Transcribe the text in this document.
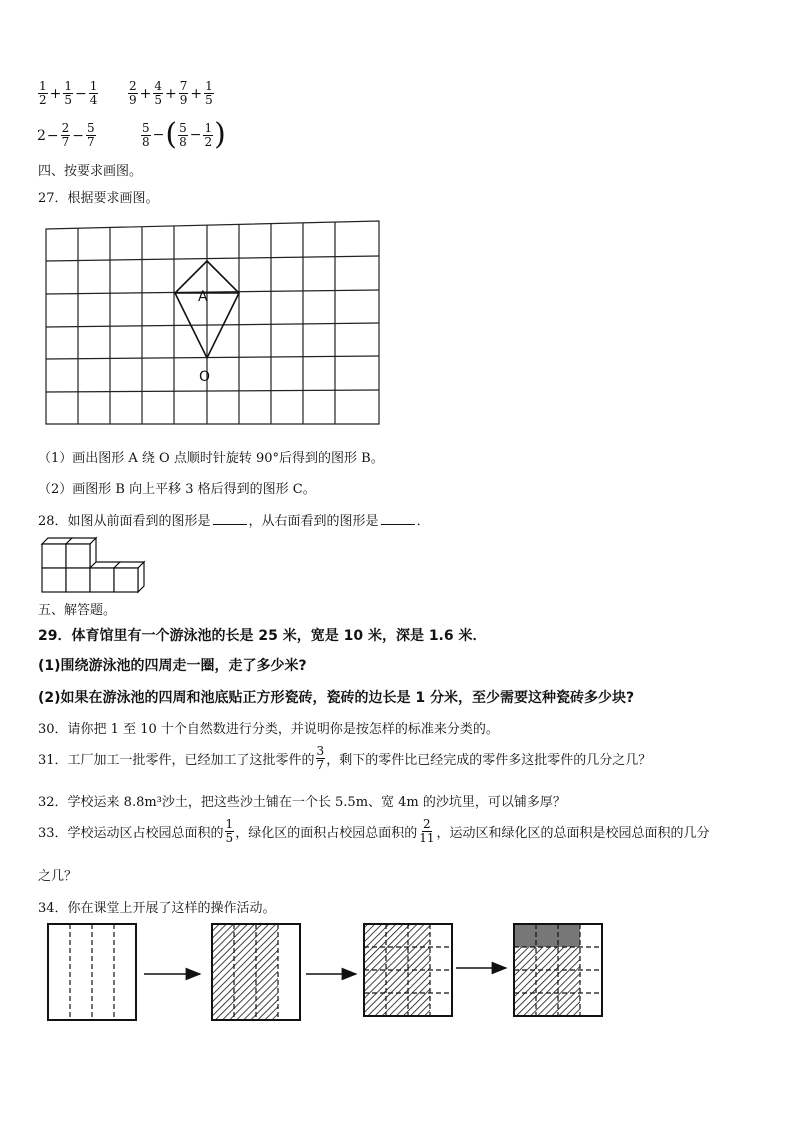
$\frac{1}{2} + \frac{1}{5} - \frac{1}{4} \frac{2}{9} + \frac{4}{5} + \frac{7}{9} + \frac{1}{5}$
$2 - \frac{2}{7} - \frac{5}{7}$	$\frac{5}{8}$ − ( $\frac{5}{8} - \frac{1}{2}$ )
四、按要求画图。
27．根据要求画图。
A
O
（1）画出图形 A 绕 O 点顺时针旋转 90°后得到的图形 B。
（2）画图形 B 向上平移 3 格后得到的图形 C。
28．如图从前面看到的图形是	，从右面看到的图形是	．
五、解答题。
29．体育馆里有一个游泳池的长是 25 米，宽是 10 米，深是 1.6 米．
(1)围绕游泳池的四周走一圈，走了多少米?
(2)如果在游泳池的四周和池底贴正方形瓷砖，瓷砖的边长是 1 分米，至少需要这种瓷砖多少块?
30．请你把 1 至 10 十个自然数进行分类，并说明你是按怎样的标准来分类的。
31．工厂加工一批零件，已经加工了这批零件的 $\frac{3}{7}$ ，剩下的零件比已经完成的零件多这批零件的几分之几？
32．学校运来 8.8m³沙土，把这些沙土铺在一个长 5.5m、宽 4m 的沙坑里，可以铺多厚？
33．学校运动区占校园总面积的 $\frac{1}{5}$ ，绿化区的面积占校园总面积的 $\frac{2}{11}$ ，运动区和绿化区的总面积是校园总面积的几分
之几？
34．你在课堂上开展了这样的操作活动。
